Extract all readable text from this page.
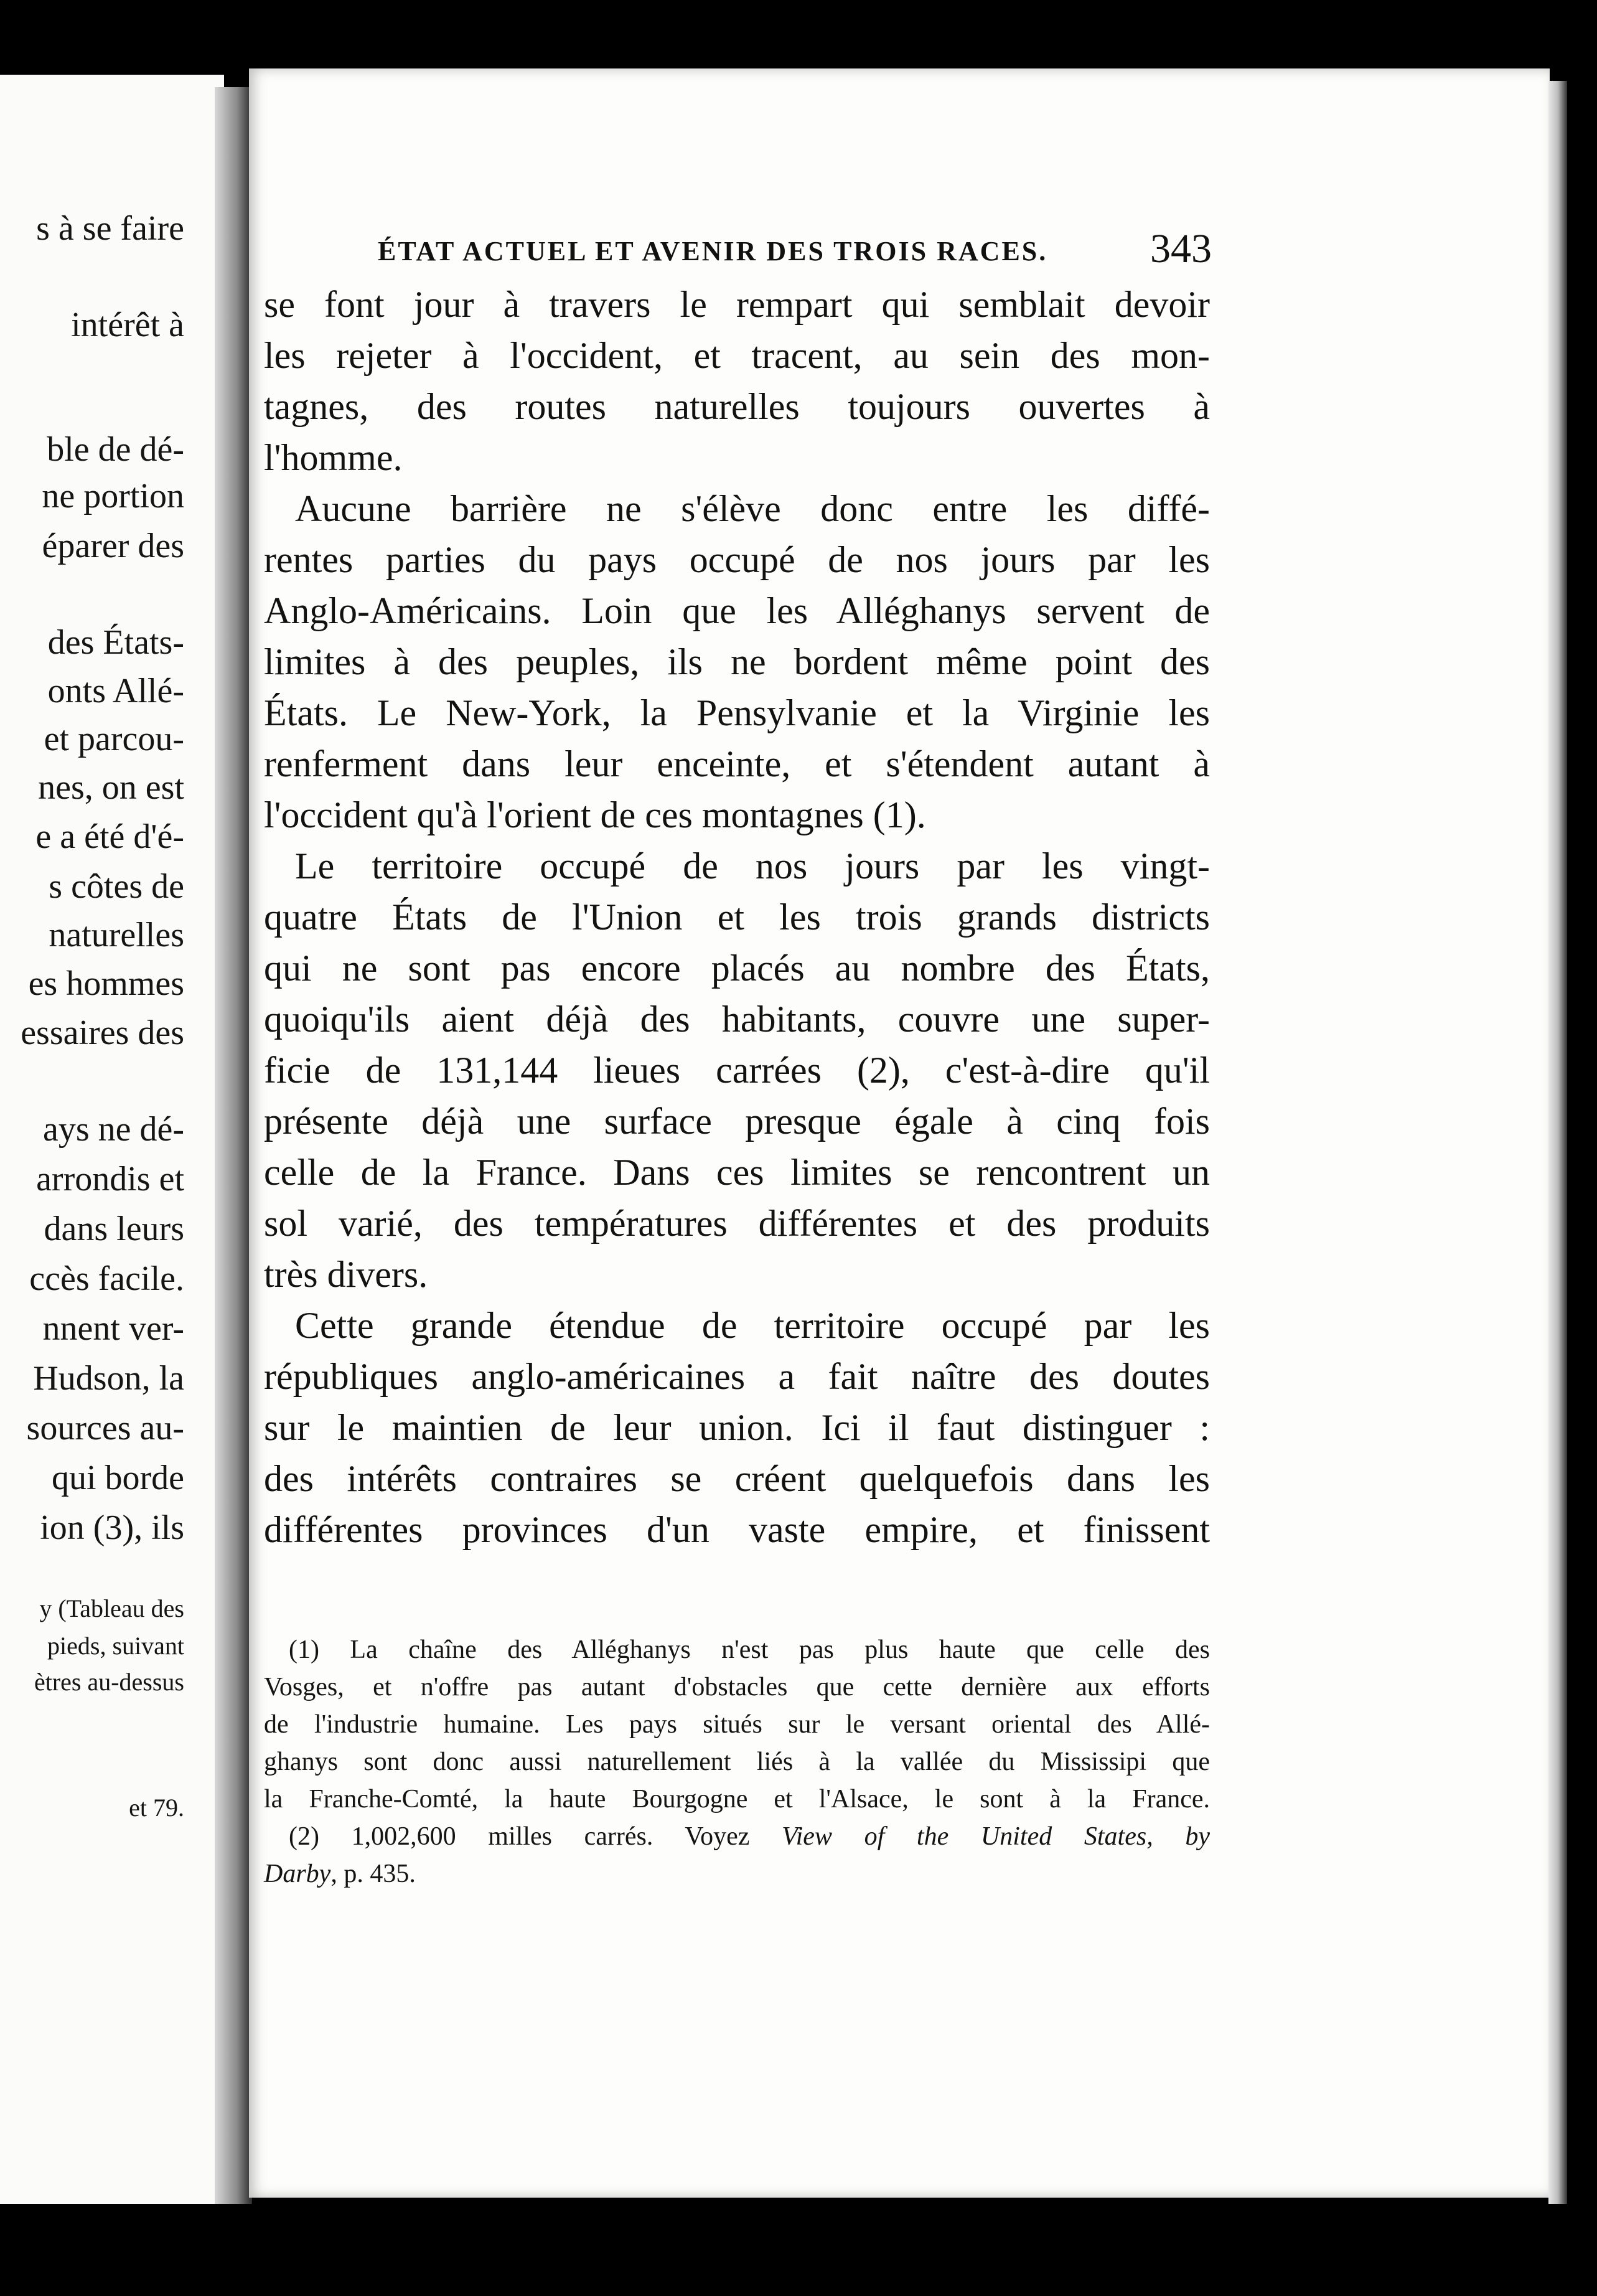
s à se faire
intérêt à
ble de dé-
ne portion
éparer des
des États-
onts Allé-
et parcou-
nes, on est
e a été d'é-
s côtes de
naturelles
es hommes
essaires des
ays ne dé-
arrondis et
dans leurs
ccès facile.
nnent ver-
Hudson, la
sources au-
qui borde
ion (3), ils
y (Tableau des
pieds, suivant
ètres au-dessus
et 79.
ÉTAT ACTUEL ET AVENIR DES TROIS RACES. 343
se font jour à travers le rempart qui semblait devoir
les rejeter à l'occident, et tracent, au sein des mon-
tagnes, des routes naturelles toujours ouvertes à
l'homme.
Aucune barrière ne s'élève donc entre les diffé-
rentes parties du pays occupé de nos jours par les
Anglo-Américains. Loin que les Alléghanys servent de
limites à des peuples, ils ne bordent même point des
États. Le New-York, la Pensylvanie et la Virginie les
renferment dans leur enceinte, et s'étendent autant à
l'occident qu'à l'orient de ces montagnes (1).
Le territoire occupé de nos jours par les vingt-
quatre États de l'Union et les trois grands districts
qui ne sont pas encore placés au nombre des États,
quoiqu'ils aient déjà des habitants, couvre une super-
ficie de 131,144 lieues carrées (2), c'est-à-dire qu'il
présente déjà une surface presque égale à cinq fois
celle de la France. Dans ces limites se rencontrent un
sol varié, des températures différentes et des produits
très divers.
Cette grande étendue de territoire occupé par les
républiques anglo-américaines a fait naître des doutes
sur le maintien de leur union. Ici il faut distinguer :
des intérêts contraires se créent quelquefois dans les
différentes provinces d'un vaste empire, et finissent
(1) La chaîne des Alléghanys n'est pas plus haute que celle des
Vosges, et n'offre pas autant d'obstacles que cette dernière aux efforts
de l'industrie humaine. Les pays situés sur le versant oriental des Allé-
ghanys sont donc aussi naturellement liés à la vallée du Mississipi que
la Franche-Comté, la haute Bourgogne et l'Alsace, le sont à la France.
(2) 1,002,600 milles carrés. Voyez View of the United States, by
Darby, p. 435.
